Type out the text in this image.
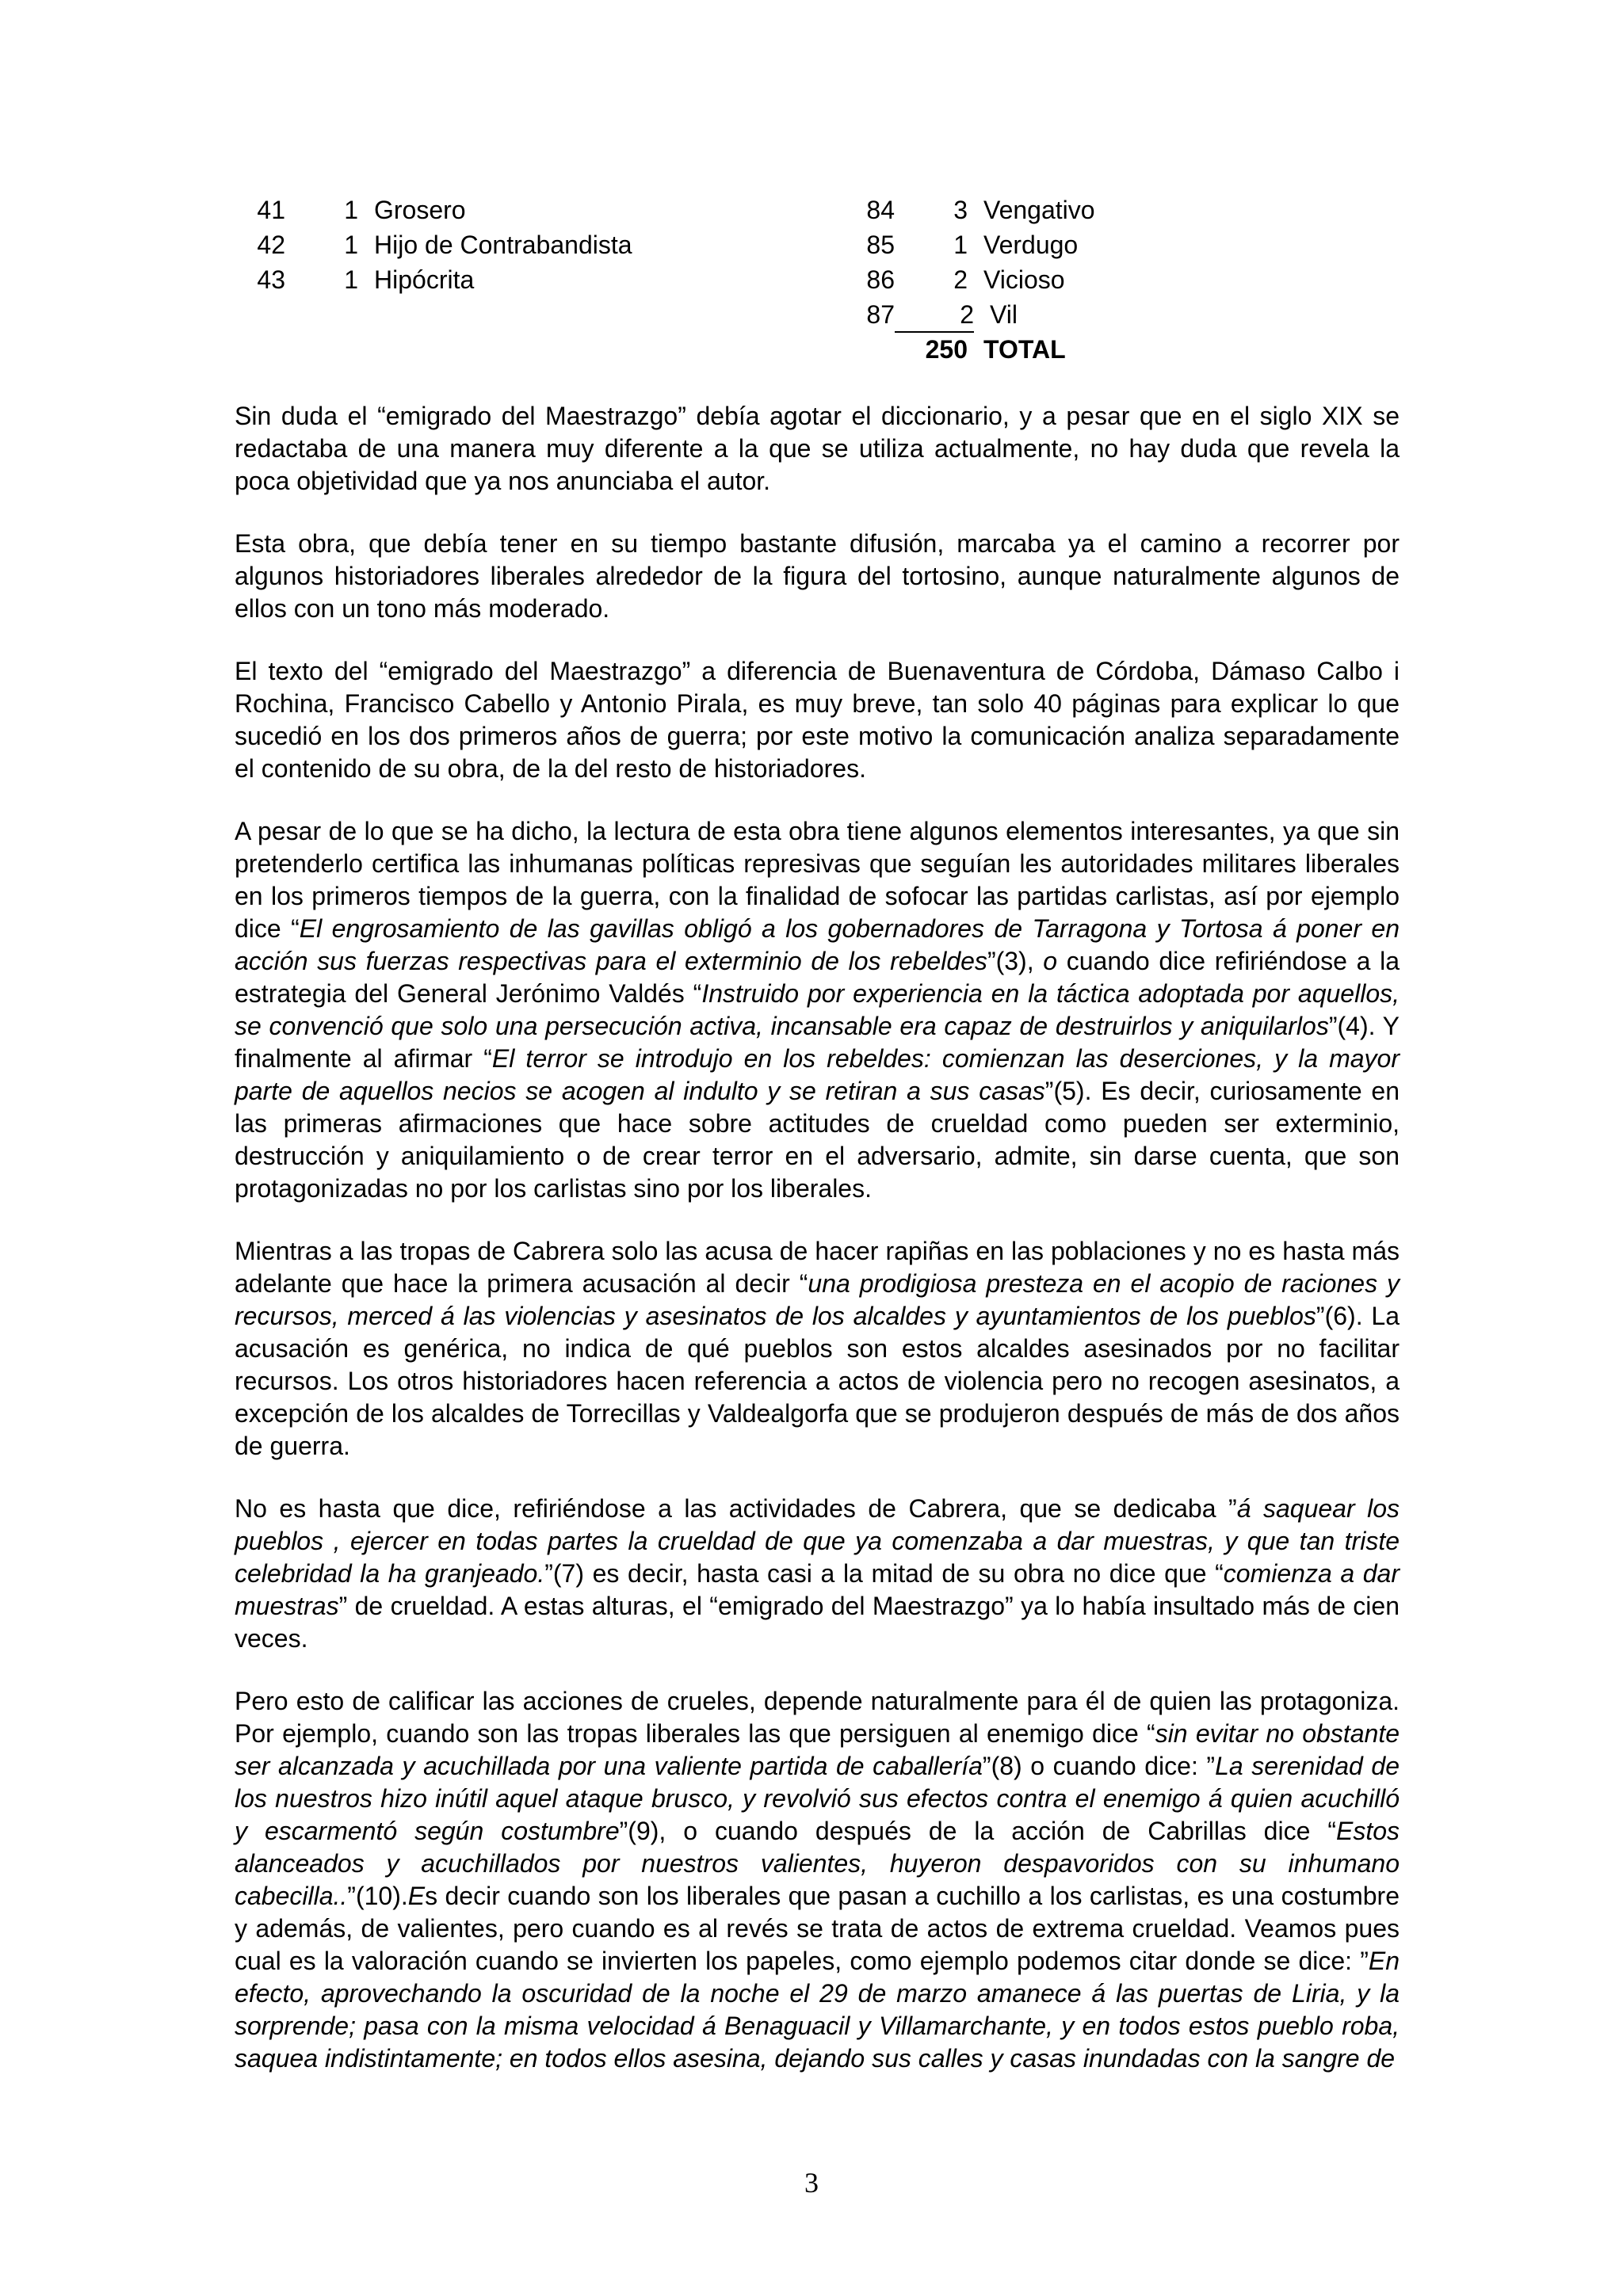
41	1 Grosero
42	1 Hijo de Contrabandista
43	1 Hipócrita
84	3 Vengativo
85	1 Verdugo
86	2 Vicioso
87	2 Vil
250 TOTAL

Sin duda el “emigrado del Maestrazgo” debía agotar el diccionario, y a pesar que en el siglo XIX se redactaba de una manera muy diferente a la que se utiliza actualmente, no hay duda que revela la poca objetividad que ya nos anunciaba el autor.

Esta obra, que debía tener en su tiempo bastante difusión, marcaba ya el camino a recorrer por algunos historiadores liberales alrededor de la figura del tortosino, aunque naturalmente algunos de ellos con un tono más moderado.

El texto del “emigrado del Maestrazgo” a diferencia de Buenaventura de Córdoba, Dámaso Calbo i Rochina, Francisco Cabello y Antonio Pirala, es muy breve, tan solo 40 páginas para explicar lo que sucedió en los dos primeros años de guerra; por este motivo la comunicación analiza separadamente el contenido de su obra, de la del resto de historiadores.

A pesar de lo que se ha dicho, la lectura de esta obra tiene algunos elementos interesantes, ya que sin pretenderlo certifica las inhumanas políticas represivas que seguían les autoridades militares liberales en los primeros tiempos de la guerra, con la finalidad de sofocar las partidas carlistas, así por ejemplo dice “El engrosamiento de las gavillas obligó a los gobernadores de Tarragona y Tortosa á poner en acción sus fuerzas respectivas para el exterminio de los rebeldes”(3), o cuando dice refiriéndose a la estrategia del General Jerónimo Valdés “Instruido por experiencia en la táctica adoptada por aquellos, se convenció que solo una persecución activa, incansable era capaz de destruirlos y aniquilarlos”(4). Y finalmente al afirmar “El terror se introdujo en los rebeldes: comienzan las deserciones, y la mayor parte de aquellos necios se acogen al indulto y se retiran a sus casas”(5). Es decir, curiosamente en las primeras afirmaciones que hace sobre actitudes de crueldad como pueden ser exterminio, destrucción y aniquilamiento o de crear terror en el adversario, admite, sin darse cuenta, que son protagonizadas no por los carlistas sino por los liberales.

Mientras a las tropas de Cabrera solo las acusa de hacer rapiñas en las poblaciones y no es hasta más adelante que hace la primera acusación al decir “una prodigiosa presteza en el acopio de raciones y recursos, merced á las violencias y asesinatos de los alcaldes y ayuntamientos de los pueblos”(6). La acusación es genérica, no indica de qué pueblos son estos alcaldes asesinados por no facilitar recursos. Los otros historiadores hacen referencia a actos de violencia pero no recogen asesinatos, a excepción de los alcaldes de Torrecillas y Valdealgorfa que se produjeron después de más de dos años de guerra.

No es hasta que dice, refiriéndose a las actividades de Cabrera, que se dedicaba ”á saquear los pueblos , ejercer en todas partes la crueldad de que ya comenzaba a dar muestras, y que tan triste celebridad la ha granjeado.”(7) es decir, hasta casi a la mitad de su obra no dice que “comienza a dar muestras” de crueldad. A estas alturas, el “emigrado del Maestrazgo” ya lo había insultado más de cien veces.

Pero esto de calificar las acciones de crueles, depende naturalmente para él de quien las protagoniza. Por ejemplo, cuando son las tropas liberales las que persiguen al enemigo dice “sin evitar no obstante ser alcanzada y acuchillada por una valiente partida de caballería”(8) o cuando dice: ”La serenidad de los nuestros hizo inútil aquel ataque brusco, y revolvió sus efectos contra el enemigo á quien acuchilló y escarmentó según costumbre”(9), o cuando después de la acción de Cabrillas dice “Estos alanceados y acuchillados por nuestros valientes, huyeron despavoridos con su inhumano cabecilla..”(10).Es decir cuando son los liberales que pasan a cuchillo a los carlistas, es una costumbre y además, de valientes, pero cuando es al revés se trata de actos de extrema crueldad. Veamos pues cual es la valoración cuando se invierten los papeles, como ejemplo podemos citar donde se dice: ”En efecto, aprovechando la oscuridad de la noche el 29 de marzo amanece á las puertas de Liria, y la sorprende; pasa con la misma velocidad á Benaguacil y Villamarchante, y en todos estos pueblo roba, saquea indistintamente; en todos ellos asesina, dejando sus calles y casas inundadas con la sangre de

3
